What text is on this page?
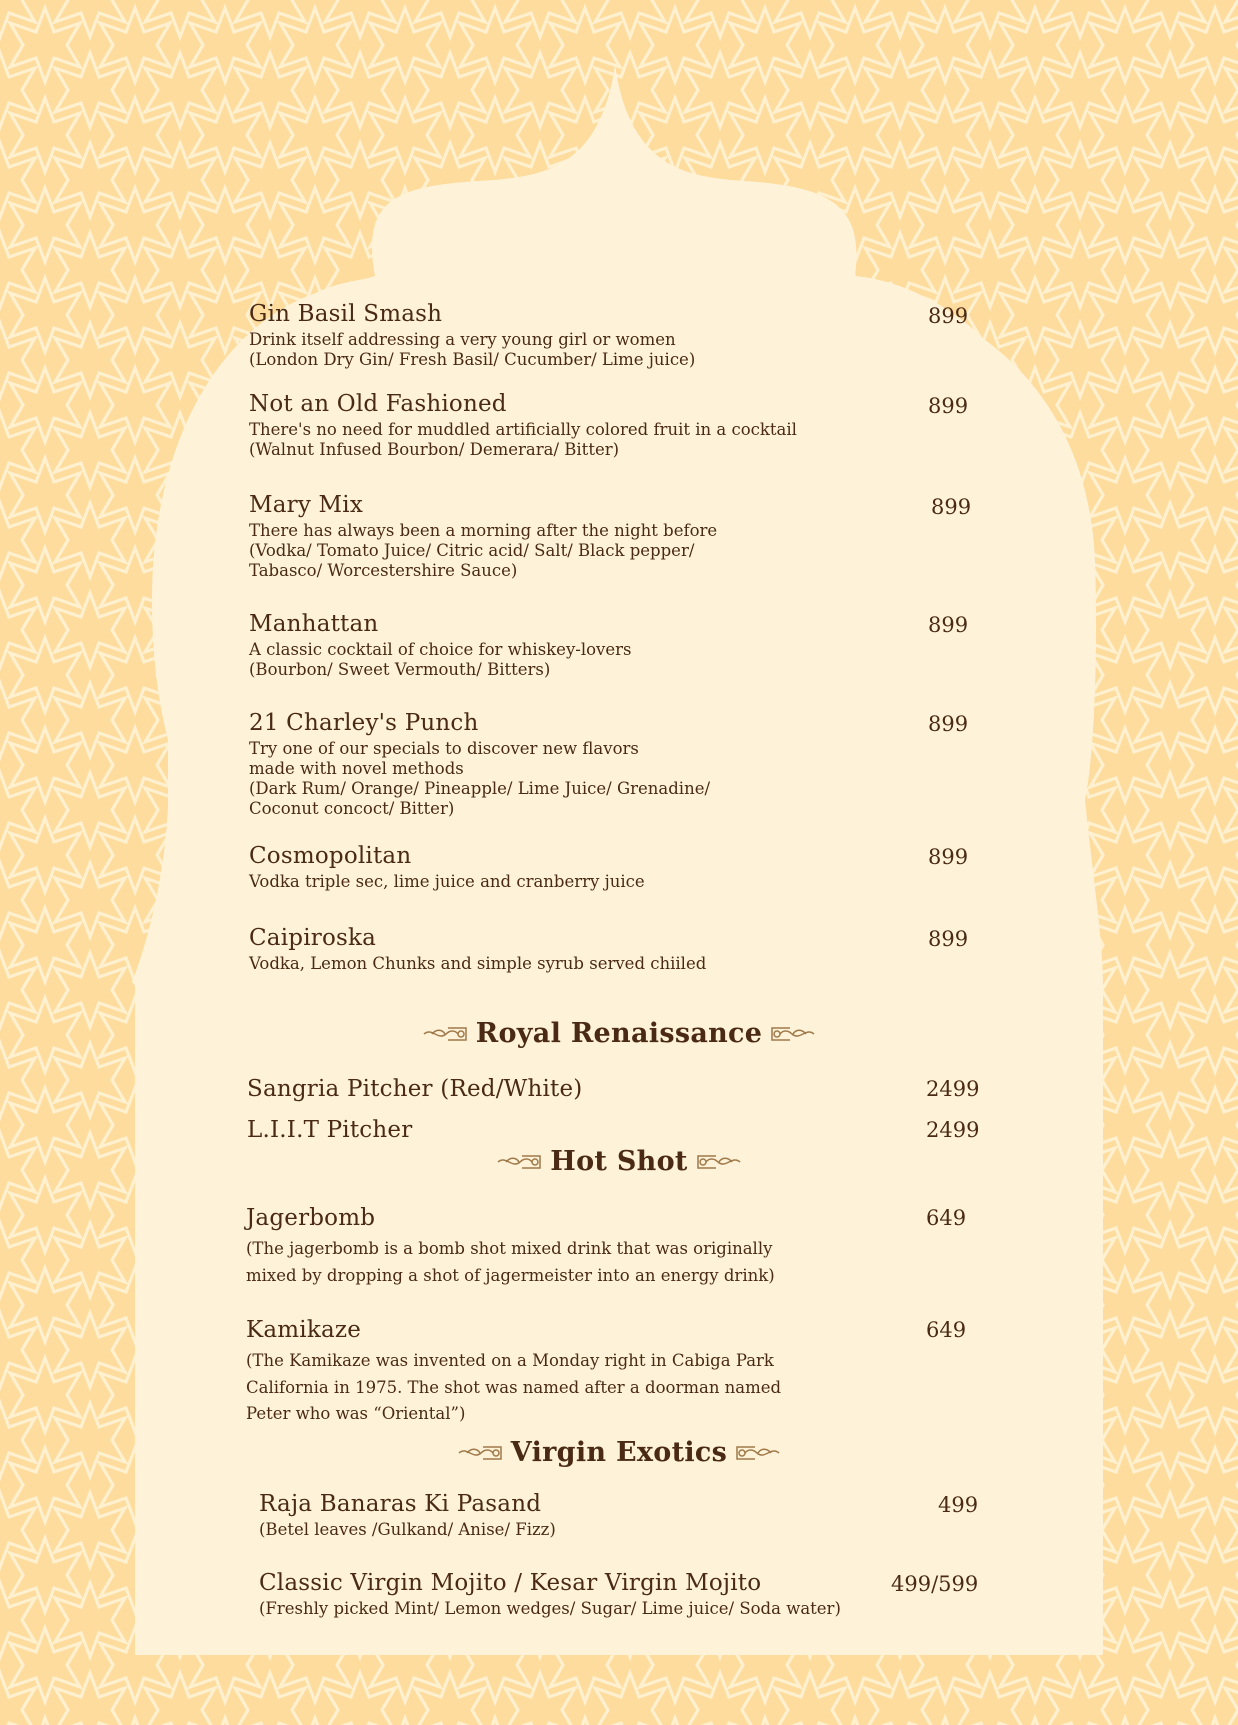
Gin Basil Smash
Drink itself addressing a very young girl or women
(London Dry Gin/ Fresh Basil/ Cucumber/ Lime juice)
899
Not an Old Fashioned
There's no need for muddled artificially colored fruit in a cocktail
(Walnut Infused Bourbon/ Demerara/ Bitter)
899
Mary Mix
There has always been a morning after the night before
(Vodka/ Tomato Juice/ Citric acid/ Salt/ Black pepper/
Tabasco/ Worcestershire Sauce)
899
Manhattan
A classic cocktail of choice for whiskey-lovers
(Bourbon/ Sweet Vermouth/ Bitters)
899
21 Charley's Punch
Try one of our specials to discover new flavors
made with novel methods
(Dark Rum/ Orange/ Pineapple/ Lime Juice/ Grenadine/
Coconut concoct/ Bitter)
899
Cosmopolitan
Vodka triple sec, lime juice and cranberry juice
899
Caipiroska
Vodka, Lemon Chunks and simple syrub served chiiled
899
Royal Renaissance
Sangria Pitcher (Red/White)	2499
L.I.I.T Pitcher	2499
Hot Shot
Jagerbomb
(The jagerbomb is a bomb shot mixed drink that was originally
mixed by dropping a shot of jagermeister into an energy drink)
649
Kamikaze
(The Kamikaze was invented on a Monday right in Cabiga Park
California in 1975. The shot was named after a doorman named
Peter who was “Oriental”)
649
Virgin Exotics
Raja Banaras Ki Pasand
(Betel leaves /Gulkand/ Anise/ Fizz)
499
Classic Virgin Mojito / Kesar Virgin Mojito
(Freshly picked Mint/ Lemon wedges/ Sugar/ Lime juice/ Soda water)
499/599
